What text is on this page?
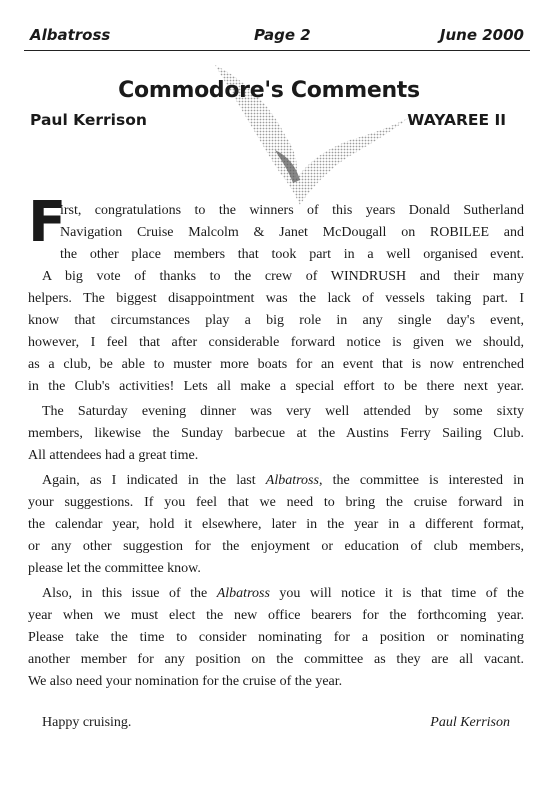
Albatross	Page 2	June 2000
Commodore's Comments
Paul Kerrison	WAYAREE II
F
irst, congratulations to the winners of this years Donald Sutherland
Navigation Cruise Malcolm & Janet McDougall on ROBILEE and
the other place members that took part in a well organised event.
A big vote of thanks to the crew of WINDRUSH and their many
helpers. The biggest disappointment was the lack of vessels taking part. I
know that circumstances play a big role in any single day's event,
however, I feel that after considerable forward notice is given we should,
as a club, be able to muster more boats for an event that is now entrenched
in the Club's activities! Lets all make a special effort to be there next year.
The Saturday evening dinner was very well attended by some sixty
members, likewise the Sunday barbecue at the Austins Ferry Sailing Club.
All attendees had a great time.
Again, as I indicated in the last Albatross, the committee is interested in
your suggestions. If you feel that we need to bring the cruise forward in
the calendar year, hold it elsewhere, later in the year in a different format,
or any other suggestion for the enjoyment or education of club members,
please let the committee know.
Also, in this issue of the Albatross you will notice it is that time of the
year when we must elect the new office bearers for the forthcoming year.
Please take the time to consider nominating for a position or nominating
another member for any position on the committee as they are all vacant.
We also need your nomination for the cruise of the year.
Happy cruising.	Paul Kerrison
